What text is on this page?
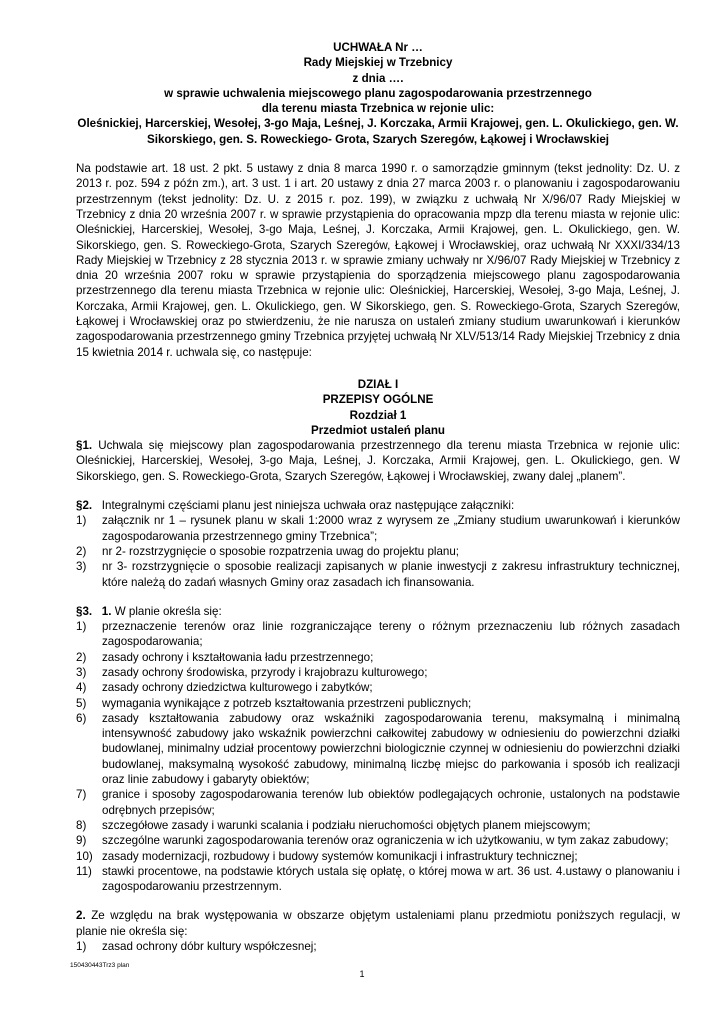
UCHWAŁA Nr …
Rady Miejskiej w Trzebnicy
z dnia ….
w sprawie uchwalenia miejscowego planu zagospodarowania przestrzennego
dla terenu miasta Trzebnica w rejonie ulic:
Oleśnickiej, Harcerskiej, Wesołej, 3-go Maja, Leśnej, J. Korczaka, Armii Krajowej, gen. L. Okulickiego, gen. W. Sikorskiego, gen. S. Roweckiego- Grota, Szarych Szeregów, Łąkowej i Wrocławskiej

Na podstawie art. 18 ust. 2 pkt. 5 ustawy z dnia 8 marca 1990 r. o samorządzie gminnym (tekst jednolity: Dz. U. z 2013 r. poz. 594 z późn zm.), art. 3 ust. 1 i art. 20 ustawy z dnia 27 marca 2003 r. o planowaniu i zagospodarowaniu przestrzennym (tekst jednolity: Dz. U. z 2015 r. poz. 199), w związku z uchwałą Nr X/96/07 Rady Miejskiej w Trzebnicy z dnia 20 września 2007 r. w sprawie przystąpienia do opracowania mpzp dla terenu miasta w rejonie ulic: Oleśnickiej, Harcerskiej, Wesołej, 3-go Maja, Leśnej, J. Korczaka, Armii Krajowej, gen. L. Okulickiego, gen. W. Sikorskiego, gen. S. Roweckiego-Grota, Szarych Szeregów, Łąkowej i Wrocławskiej, oraz uchwałą Nr XXXI/334/13 Rady Miejskiej w Trzebnicy z 28 stycznia 2013 r. w sprawie zmiany uchwały nr X/96/07 Rady Miejskiej w Trzebnicy z dnia 20 września 2007 roku w sprawie przystąpienia do sporządzenia miejscowego planu zagospodarowania przestrzennego dla terenu miasta Trzebnica w rejonie ulic: Oleśnickiej, Harcerskiej, Wesołej, 3-go Maja, Leśnej, J. Korczaka, Armii Krajowej, gen. L. Okulickiego, gen. W Sikorskiego, gen. S. Roweckiego-Grota, Szarych Szeregów, Łąkowej i Wrocławskiej oraz po stwierdzeniu, że nie narusza on ustaleń zmiany studium uwarunkowań i kierunków zagospodarowania przestrzennego gminy Trzebnica przyjętej uchwałą Nr XLV/513/14 Rady Miejskiej Trzebnicy z dnia 15 kwietnia 2014 r. uchwala się, co następuje:

DZIAŁ I
PRZEPISY OGÓLNE
Rozdział 1
Przedmiot ustaleń planu
§1. Uchwala się miejscowy plan zagospodarowania przestrzennego dla terenu miasta Trzebnica w rejonie ulic: Oleśnickiej, Harcerskiej, Wesołej, 3-go Maja, Leśnej, J. Korczaka, Armii Krajowej, gen. L. Okulickiego, gen. W Sikorskiego, gen. S. Roweckiego-Grota, Szarych Szeregów, Łąkowej i Wrocławskiej, zwany dalej „planem”.
§2. Integralnymi częściami planu jest niniejsza uchwała oraz następujące załączniki:
1)	załącznik nr 1 – rysunek planu w skali 1:2000 wraz z wyrysem ze „Zmiany studium uwarunkowań i kierunków zagospodarowania przestrzennego gminy Trzebnica”;
2)	nr 2- rozstrzygnięcie o sposobie rozpatrzenia uwag do projektu planu;
3)	nr 3- rozstrzygnięcie o sposobie realizacji zapisanych w planie inwestycji z zakresu infrastruktury technicznej, które należą do zadań własnych Gminy oraz zasadach ich finansowania.
§3. 1. W planie określa się:
1)	przeznaczenie terenów oraz linie rozgraniczające tereny o różnym przeznaczeniu lub różnych zasadach zagospodarowania;
2)	zasady ochrony i kształtowania ładu przestrzennego;
3)	zasady ochrony środowiska, przyrody i krajobrazu kulturowego;
4)	zasady ochrony dziedzictwa kulturowego i zabytków;
5)	wymagania wynikające z potrzeb kształtowania przestrzeni publicznych;
6)	zasady kształtowania zabudowy oraz wskaźniki zagospodarowania terenu, maksymalną i minimalną intensywność zabudowy jako wskaźnik powierzchni całkowitej zabudowy w odniesieniu do powierzchni działki budowlanej, minimalny udział procentowy powierzchni biologicznie czynnej w odniesieniu do powierzchni działki budowlanej, maksymalną wysokość zabudowy, minimalną liczbę miejsc do parkowania i sposób ich realizacji oraz linie zabudowy i gabaryty obiektów;
7)	granice i sposoby zagospodarowania terenów lub obiektów podlegających ochronie, ustalonych na podstawie odrębnych przepisów;
8)	szczegółowe zasady i warunki scalania i podziału nieruchomości objętych planem miejscowym;
9)	szczególne warunki zagospodarowania terenów oraz ograniczenia w ich użytkowaniu, w tym zakaz zabudowy;
10) zasady modernizacji, rozbudowy i budowy systemów komunikacji i infrastruktury technicznej;
11) stawki procentowe, na podstawie których ustala się opłatę, o której mowa w art. 36 ust. 4.ustawy o planowaniu i zagospodarowaniu przestrzennym.
2. Ze względu na brak występowania w obszarze objętym ustaleniami planu przedmiotu poniższych regulacji, w planie nie określa się:
1)	zasad ochrony dóbr kultury współczesnej;
150430443Trz3 plan
1
